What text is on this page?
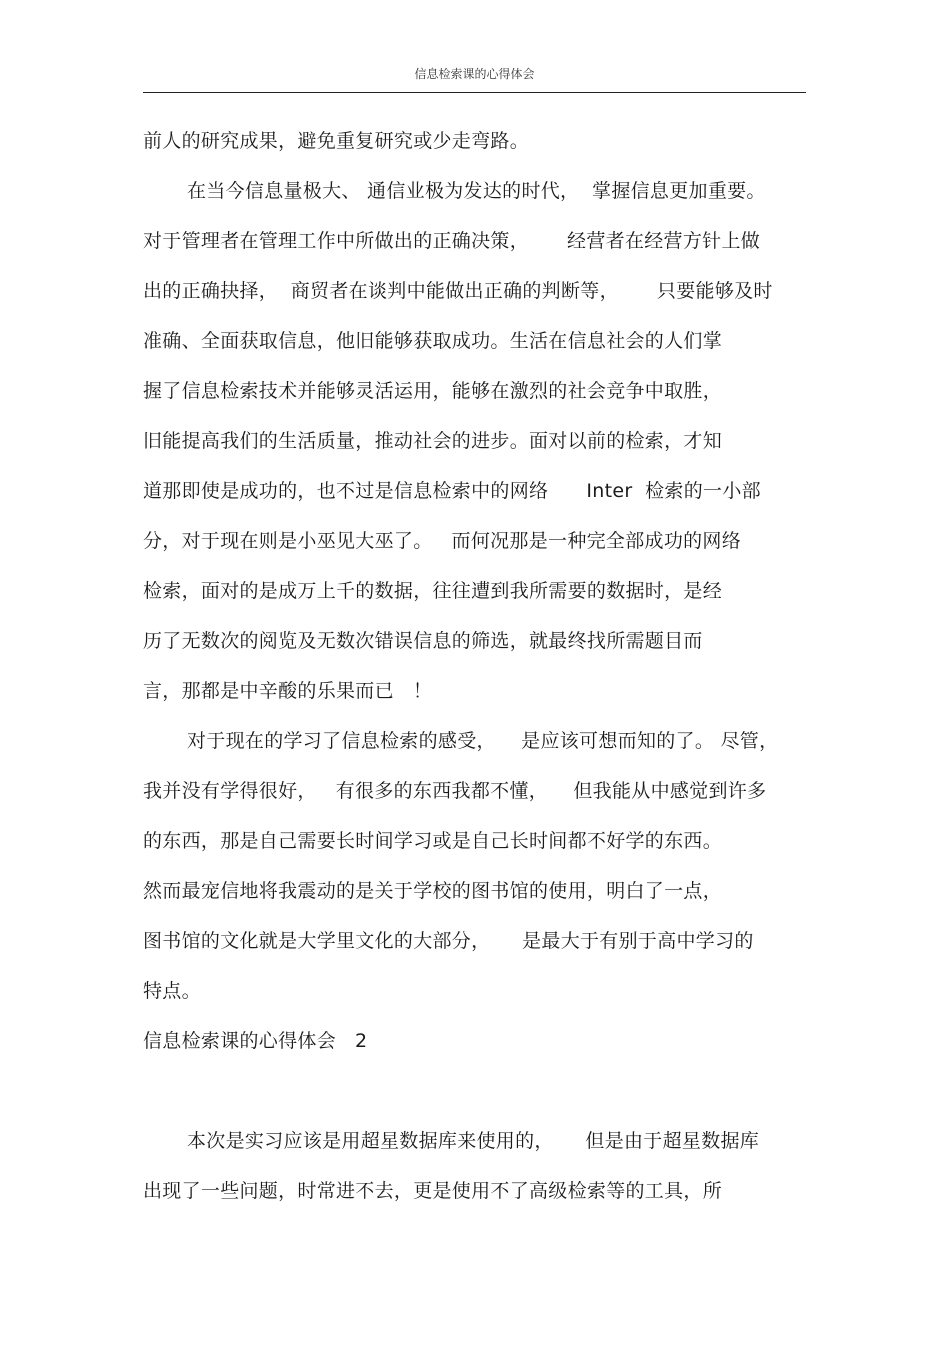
信息检索课的心得体会
前人的研究成果，避免重复研究或少走弯路。
在当今信息量极大、 通信业极为发达的时代，  掌握信息更加重要。
对于管理者在管理工作中所做出的正确决策，      经营者在经营方针上做
出的正确抉择，  商贸者在谈判中能做出正确的判断等，      只要能够及时
准确、全面获取信息，他旧能够获取成功。生活在信息社会的人们掌
握了信息检索技术并能够灵活运用，能够在激烈的社会竞争中取胜，
旧能提高我们的生活质量，推动社会的进步。面对以前的检索，才知
道那即使是成功的，也不过是信息检索中的网络      Inter  检索的一小部
分，对于现在则是小巫见大巫了。   而何况那是一种完全部成功的网络
检索，面对的是成万上千的数据，往往遭到我所需要的数据时，是经
历了无数次的阅览及无数次错误信息的筛选，就最终找所需题目而
言，那都是中辛酸的乐果而已   ！
对于现在的学习了信息检索的感受，    是应该可想而知的了。 尽管，
我并没有学得很好，   有很多的东西我都不懂，    但我能从中感觉到许多
的东西，那是自己需要长时间学习或是自己长时间都不好学的东西。
然而最宠信地将我震动的是关于学校的图书馆的使用，明白了一点，
图书馆的文化就是大学里文化的大部分，     是最大于有别于高中学习的
特点。
信息检索课的心得体会   2
本次是实习应该是用超星数据库来使用的，     但是由于超星数据库
出现了一些问题，时常进不去，更是使用不了高级检索等的工具，所
